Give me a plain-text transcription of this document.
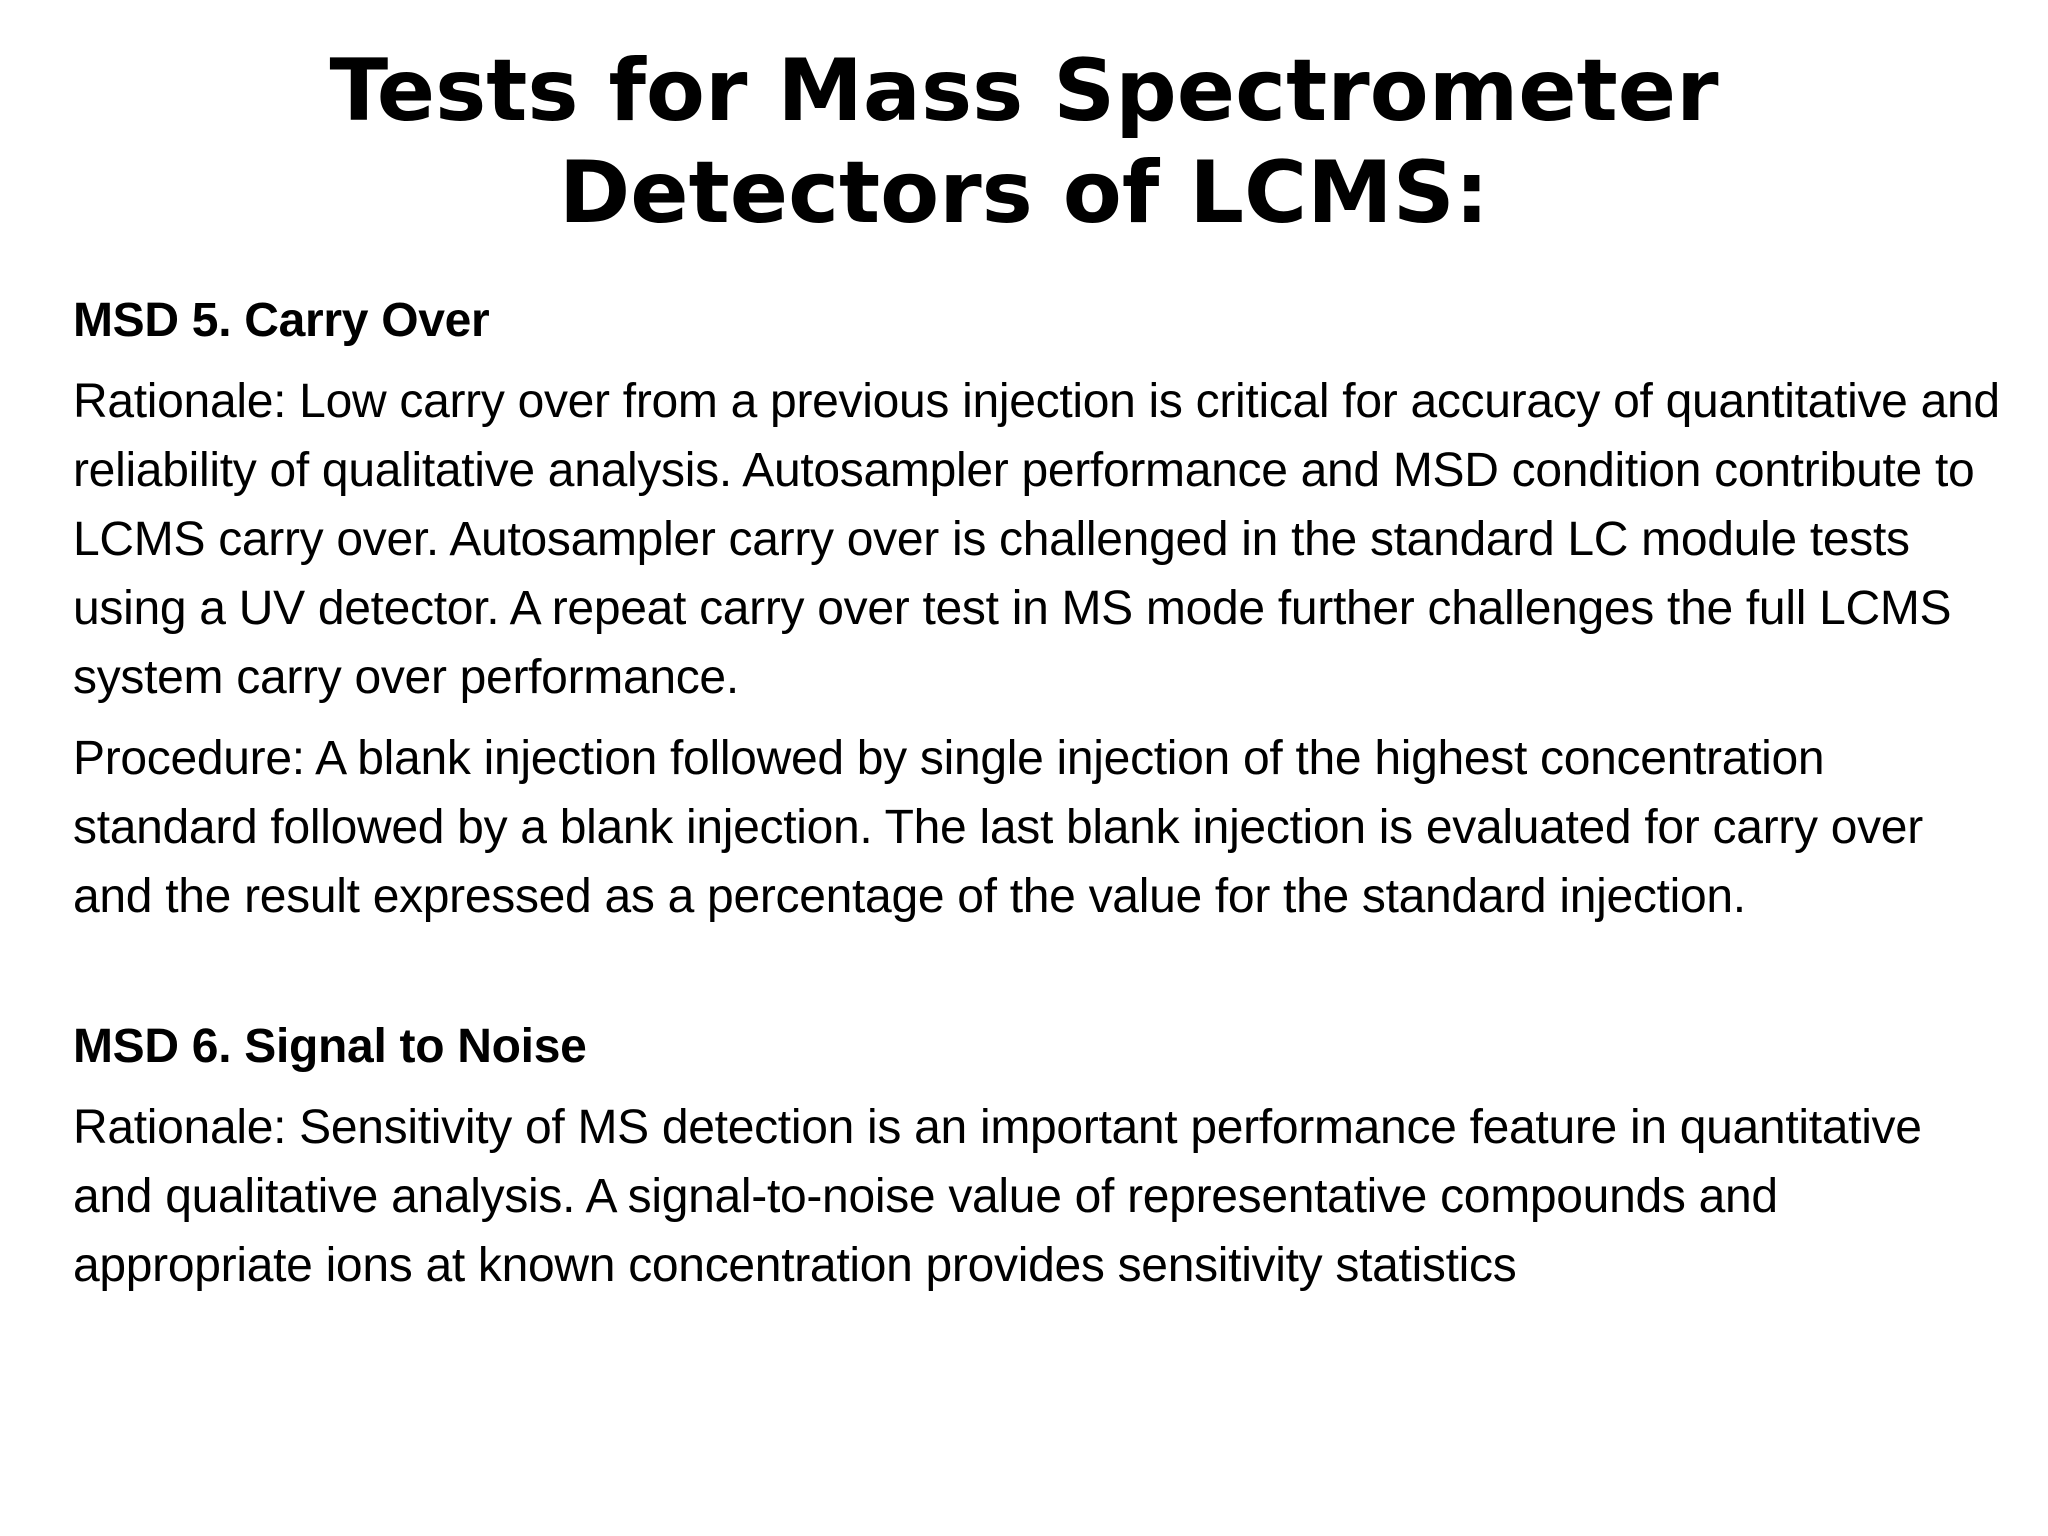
Tests for Mass Spectrometer
Detectors of LCMS:

MSD 5. Carry Over

Rationale: Low carry over from a previous injection is critical for accuracy of quantitative and reliability of qualitative analysis. Autosampler performance and MSD condition contribute to LCMS carry over. Autosampler carry over is challenged in the standard LC module tests using a UV detector. A repeat carry over test in MS mode further challenges the full LCMS system carry over performance.

Procedure: A blank injection followed by single injection of the highest concentration standard followed by a blank injection. The last blank injection is evaluated for carry over and the result expressed as a percentage of the value for the standard injection.

MSD 6. Signal to Noise

Rationale: Sensitivity of MS detection is an important performance feature in quantitative and qualitative analysis. A signal-to-noise value of representative compounds and appropriate ions at known concentration provides sensitivity statistics
